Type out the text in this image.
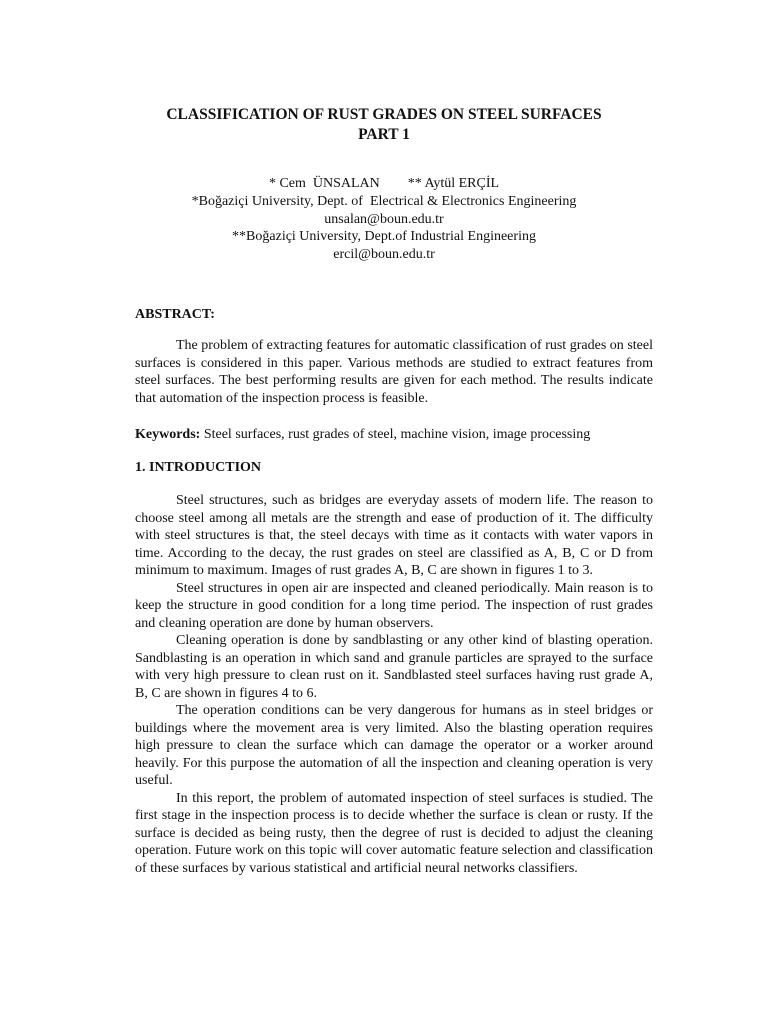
CLASSIFICATION OF RUST GRADES ON STEEL SURFACES
PART 1
* Cem  ÜNSALAN        ** Aytül ERÇİL
*Boğaziçi University, Dept. of  Electrical & Electronics Engineering
unsalan@boun.edu.tr
**Boğaziçi University, Dept.of Industrial Engineering
ercil@boun.edu.tr
ABSTRACT:

The problem of extracting features for automatic classification of rust grades on steel surfaces is considered in this paper. Various methods are studied to extract features from steel surfaces. The best performing results are given for each method. The results indicate that automation of the inspection process is feasible.

Keywords: Steel surfaces, rust grades of steel, machine vision, image processing
1. INTRODUCTION

Steel structures, such as bridges are everyday assets of modern life. The reason to choose steel among all metals are the strength and ease of production of it. The difficulty with steel structures is that, the steel decays with time as it contacts with water vapors in time. According to the decay, the rust grades on steel are classified as A, B, C or D from minimum to maximum. Images of rust grades A, B, C are shown in figures 1 to 3.

Steel structures in open air are inspected and cleaned periodically. Main reason is to keep the structure in good condition for a long time period. The inspection of rust grades and cleaning operation are done by human observers.

Cleaning operation is done by sandblasting or any other kind of blasting operation. Sandblasting is an operation in which sand and granule particles are sprayed to the surface with very high pressure to clean rust on it. Sandblasted steel surfaces having rust grade A, B, C are shown in figures 4 to 6.

The operation conditions can be very dangerous for humans as in steel bridges or buildings where the movement area is very limited. Also the blasting operation requires high pressure to clean the surface which can damage the operator or a worker around heavily. For this purpose the automation of all the inspection and cleaning operation is very useful.

In this report, the problem of automated inspection of steel surfaces is studied. The first stage in the inspection process is to decide whether the surface is clean or rusty. If the surface is decided as being rusty, then the degree of rust is decided to adjust the cleaning operation. Future work on this topic will cover automatic feature selection and classification of these surfaces by various statistical and artificial neural networks classifiers.
